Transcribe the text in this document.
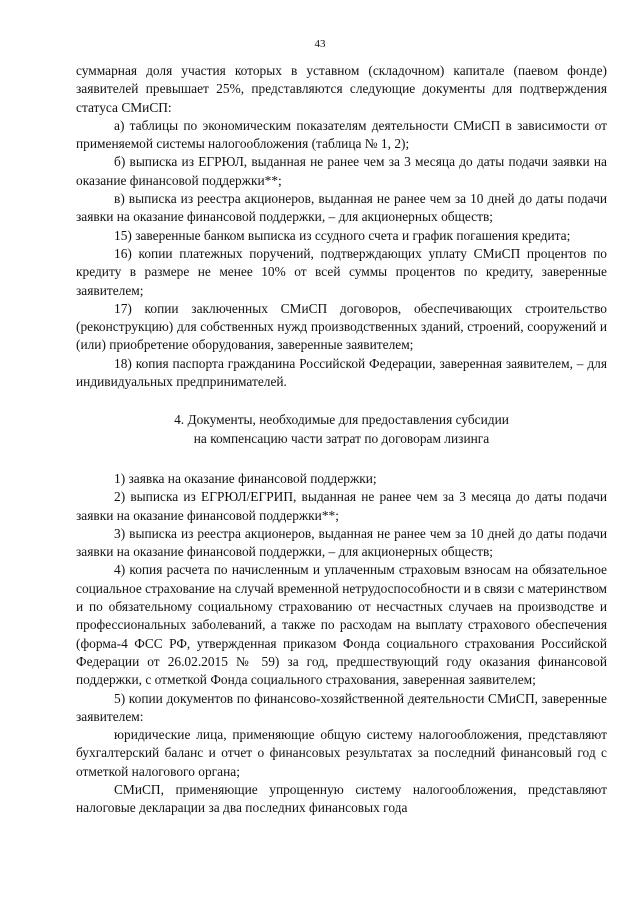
43

суммарная доля участия которых в уставном (складочном) капитале (паевом фонде) заявителей превышает 25%, представляются следующие документы для подтверждения статуса СМиСП:

а) таблицы по экономическим показателям деятельности СМиСП в зависимости от применяемой системы налогообложения (таблица № 1, 2);

б) выписка из ЕГРЮЛ, выданная не ранее чем за 3 месяца до даты подачи заявки на оказание финансовой поддержки**;

в) выписка из реестра акционеров, выданная не ранее чем за 10 дней до даты подачи заявки на оказание финансовой поддержки, – для акционерных обществ;

15) заверенные банком выписка из ссудного счета и график погашения кредита;

16) копии платежных поручений, подтверждающих уплату СМиСП процентов по кредиту в размере не менее 10% от всей суммы процентов по кредиту, заверенные заявителем;

17) копии заключенных СМиСП договоров, обеспечивающих строительство (реконструкцию) для собственных нужд производственных зданий, строений, сооружений и (или) приобретение оборудования, заверенные заявителем;

18) копия паспорта гражданина Российской Федерации, заверенная заявителем, – для индивидуальных предпринимателей.

4. Документы, необходимые для предоставления субсидии
на компенсацию части затрат по договорам лизинга

1) заявка на оказание финансовой поддержки;

2) выписка из ЕГРЮЛ/ЕГРИП, выданная не ранее чем за 3 месяца до даты подачи заявки на оказание финансовой поддержки**;

3) выписка из реестра акционеров, выданная не ранее чем за 10 дней до даты подачи заявки на оказание финансовой поддержки, – для акционерных обществ;

4) копия расчета по начисленным и уплаченным страховым взносам на обязательное социальное страхование на случай временной нетрудоспособности и в связи с материнством и по обязательному социальному страхованию от несчастных случаев на производстве и профессиональных заболеваний, а также по расходам на выплату страхового обеспечения (форма-4 ФСС РФ, утвержденная приказом Фонда социального страхования Российской Федерации от 26.02.2015 № 59) за год, предшествующий году оказания финансовой поддержки, с отметкой Фонда социального страхования, заверенная заявителем;

5) копии документов по финансово-хозяйственной деятельности СМиСП, заверенные заявителем:

юридические лица, применяющие общую систему налогообложения, представляют бухгалтерский баланс и отчет о финансовых результатах за последний финансовый год с отметкой налогового органа;

СМиСП, применяющие упрощенную систему налогообложения, представляют налоговые декларации за два последних финансовых года
